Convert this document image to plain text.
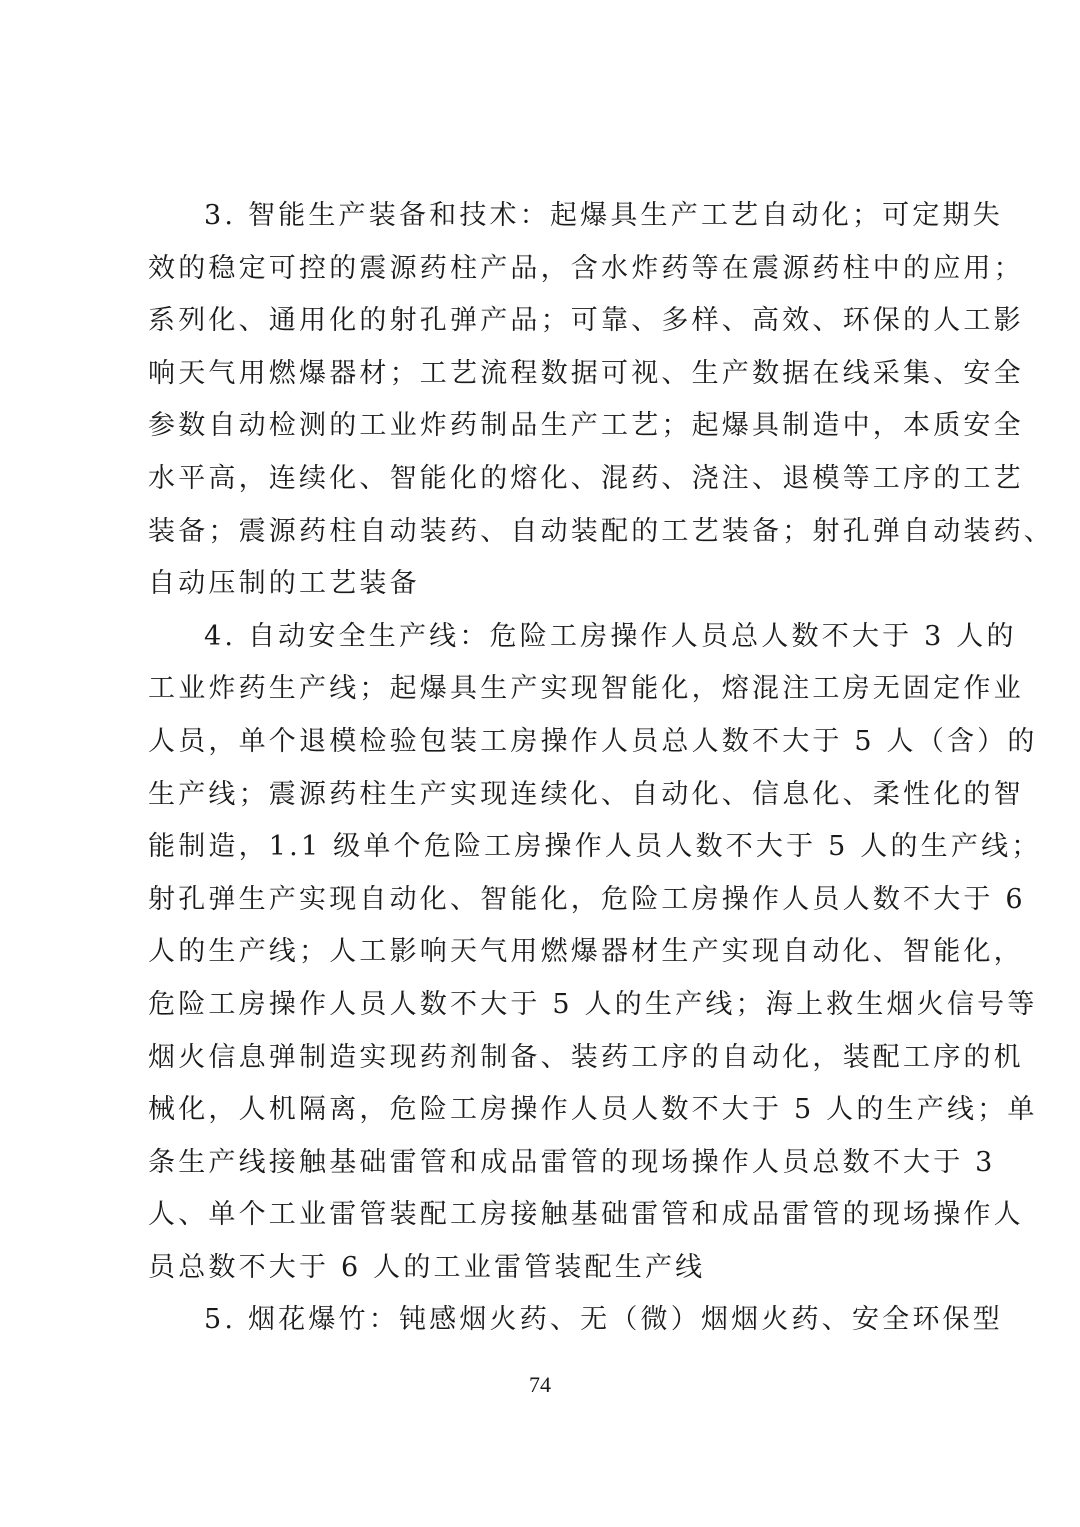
3. 智能生产装备和技术：起爆具生产工艺自动化；可定期失
效的稳定可控的震源药柱产品，含水炸药等在震源药柱中的应用；
系列化、通用化的射孔弹产品；可靠、多样、高效、环保的人工影
响天气用燃爆器材；工艺流程数据可视、生产数据在线采集、安全
参数自动检测的工业炸药制品生产工艺；起爆具制造中，本质安全
水平高，连续化、智能化的熔化、混药、浇注、退模等工序的工艺
装备；震源药柱自动装药、自动装配的工艺装备；射孔弹自动装药、
自动压制的工艺装备

4. 自动安全生产线：危险工房操作人员总人数不大于 3 人的
工业炸药生产线；起爆具生产实现智能化，熔混注工房无固定作业
人员，单个退模检验包装工房操作人员总人数不大于 5 人（含）的
生产线；震源药柱生产实现连续化、自动化、信息化、柔性化的智
能制造，1.1 级单个危险工房操作人员人数不大于 5 人的生产线；
射孔弹生产实现自动化、智能化，危险工房操作人员人数不大于 6
人的生产线；人工影响天气用燃爆器材生产实现自动化、智能化，
危险工房操作人员人数不大于 5 人的生产线；海上救生烟火信号等
烟火信息弹制造实现药剂制备、装药工序的自动化，装配工序的机
械化，人机隔离，危险工房操作人员人数不大于 5 人的生产线；单
条生产线接触基础雷管和成品雷管的现场操作人员总数不大于 3
人、单个工业雷管装配工房接触基础雷管和成品雷管的现场操作人
员总数不大于 6 人的工业雷管装配生产线

5. 烟花爆竹：钝感烟火药、无（微）烟烟火药、安全环保型

74
